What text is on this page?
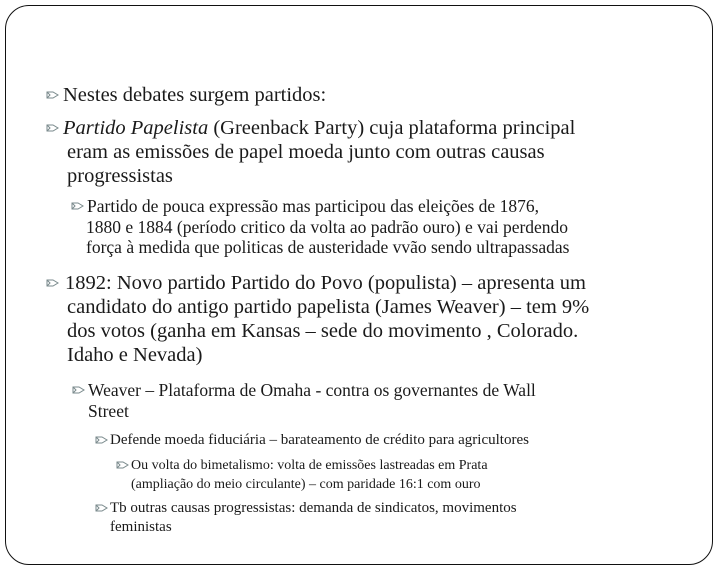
Nestes debates surgem partidos:
Partido Papelista (Greenback Party) cuja plataforma principal
eram as emissões de papel moeda junto com outras causas
progressistas
Partido de pouca expressão mas participou das eleições de 1876,
1880 e 1884 (período critico da volta ao padrão ouro) e vai perdendo
força à medida que politicas de austeridade vvão sendo ultrapassadas
1892: Novo partido Partido do Povo (populista) – apresenta um
candidato do antigo partido papelista (James Weaver) – tem 9%
dos votos (ganha em Kansas – sede do movimento , Colorado.
Idaho e Nevada)
Weaver – Plataforma de Omaha - contra os governantes de Wall
Street
Defende moeda fiduciária – barateamento de crédito para agricultores
Ou volta do bimetalismo: volta de emissões lastreadas em Prata
(ampliação do meio circulante) – com paridade 16:1 com ouro
Tb outras causas progressistas: demanda de sindicatos, movimentos
feministas
